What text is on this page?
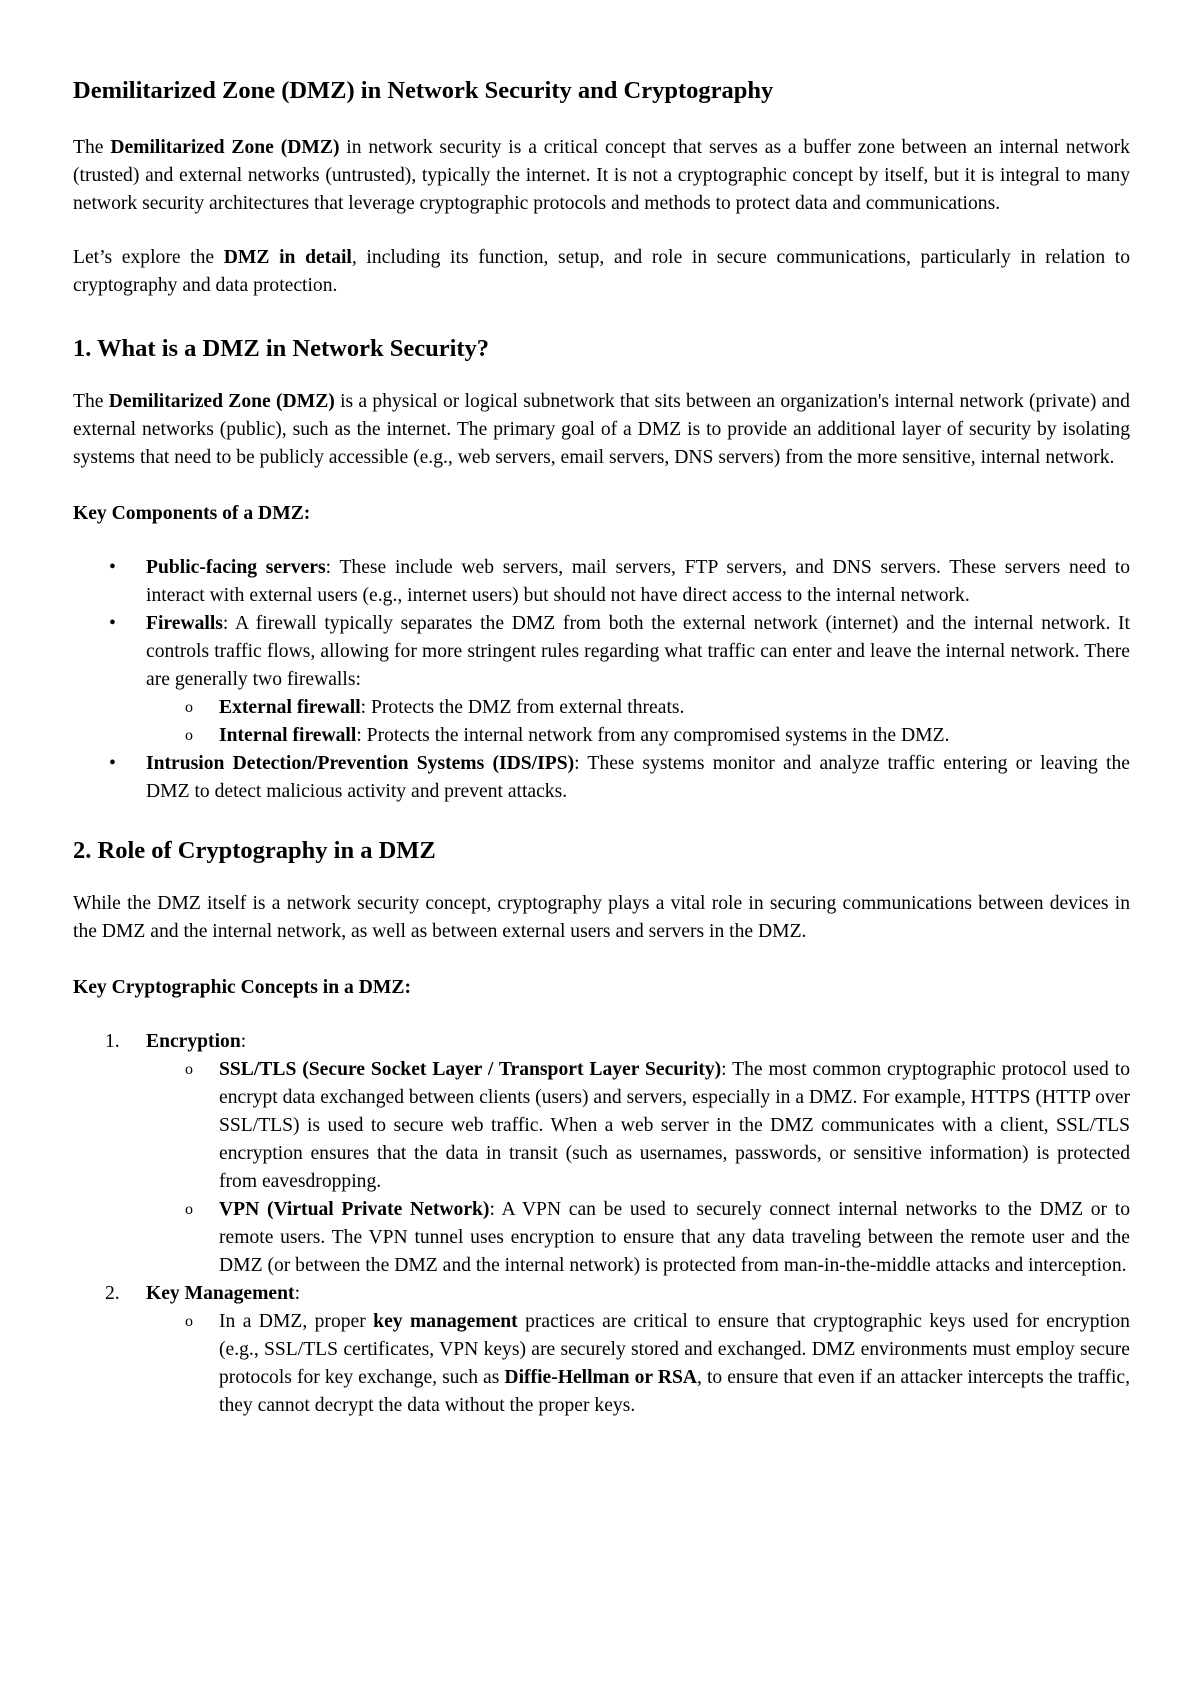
Demilitarized Zone (DMZ) in Network Security and Cryptography

The Demilitarized Zone (DMZ) in network security is a critical concept that serves as a buffer zone between an internal network (trusted) and external networks (untrusted), typically the internet. It is not a cryptographic concept by itself, but it is integral to many network security architectures that leverage cryptographic protocols and methods to protect data and communications.

Let’s explore the DMZ in detail, including its function, setup, and role in secure communications, particularly in relation to cryptography and data protection.

1. What is a DMZ in Network Security?

The Demilitarized Zone (DMZ) is a physical or logical subnetwork that sits between an organization's internal network (private) and external networks (public), such as the internet. The primary goal of a DMZ is to provide an additional layer of security by isolating systems that need to be publicly accessible (e.g., web servers, email servers, DNS servers) from the more sensitive, internal network.

Key Components of a DMZ:

•	Public-facing servers: These include web servers, mail servers, FTP servers, and DNS servers. These servers need to interact with external users (e.g., internet users) but should not have direct access to the internal network.
•	Firewalls: A firewall typically separates the DMZ from both the external network (internet) and the internal network. It controls traffic flows, allowing for more stringent rules regarding what traffic can enter and leave the internal network. There are generally two firewalls:
o External firewall: Protects the DMZ from external threats.
o Internal firewall: Protects the internal network from any compromised systems in the DMZ.
•	Intrusion Detection/Prevention Systems (IDS/IPS): These systems monitor and analyze traffic entering or leaving the DMZ to detect malicious activity and prevent attacks.
2. Role of Cryptography in a DMZ

While the DMZ itself is a network security concept, cryptography plays a vital role in securing communications between devices in the DMZ and the internal network, as well as between external users and servers in the DMZ.

Key Cryptographic Concepts in a DMZ:

1.	Encryption:
o SSL/TLS (Secure Socket Layer / Transport Layer Security): The most common cryptographic protocol used to encrypt data exchanged between clients (users) and servers, especially in a DMZ. For example, HTTPS (HTTP over SSL/TLS) is used to secure web traffic. When a web server in the DMZ communicates with a client, SSL/TLS encryption ensures that the data in transit (such as usernames, passwords, or sensitive information) is protected from eavesdropping.
o VPN (Virtual Private Network): A VPN can be used to securely connect internal networks to the DMZ or to remote users. The VPN tunnel uses encryption to ensure that any data traveling between the remote user and the DMZ (or between the DMZ and the internal network) is protected from man-in-the-middle attacks and interception.
2.	Key Management:
o In a DMZ, proper key management practices are critical to ensure that cryptographic keys used for encryption (e.g., SSL/TLS certificates, VPN keys) are securely stored and exchanged. DMZ environments must employ secure protocols for key exchange, such as Diffie-Hellman or RSA, to ensure that even if an attacker intercepts the traffic, they cannot decrypt the data without the proper keys.
